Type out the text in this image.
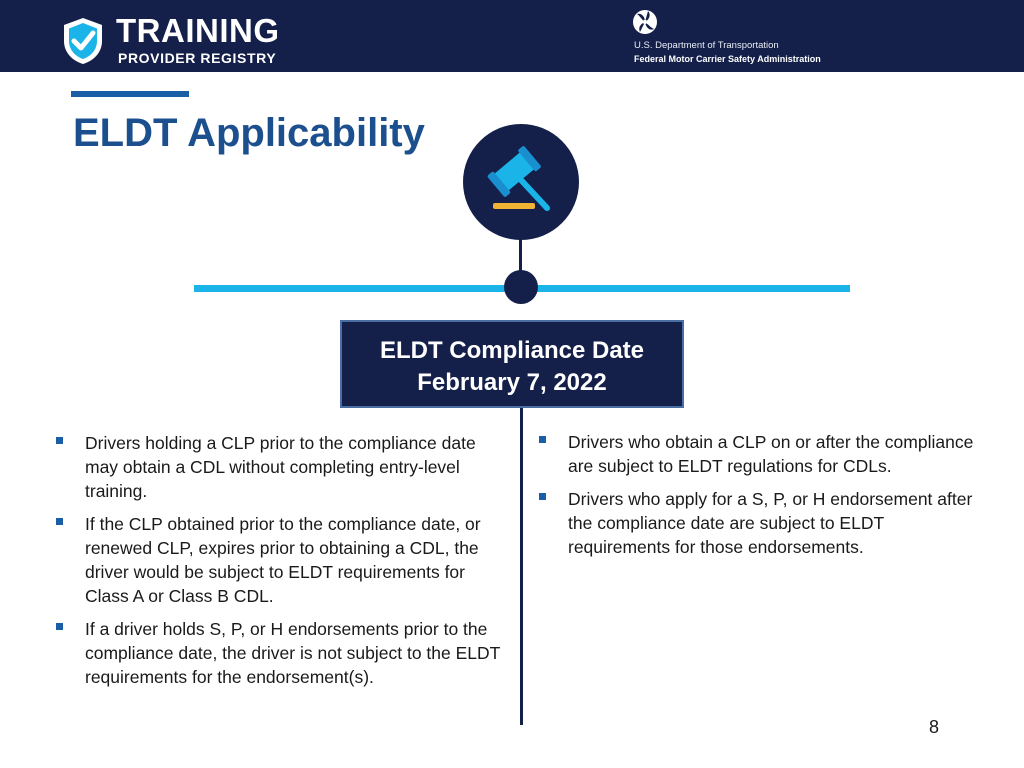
TRAINING

PROVIDER REGISTRY

U.S. Department of Transportation
Federal Motor Carrier Safety Administration
ELDT Applicability
ELDT Compliance Date
February 7, 2022
Drivers holding a CLP prior to the compliance date may obtain a CDL without completing entry-level training.
If the CLP obtained prior to the compliance date, or renewed CLP, expires prior to obtaining a CDL, the driver would be subject to ELDT requirements for Class A or Class B CDL.
If a driver holds S, P, or H endorsements prior to the compliance date, the driver is not subject to the ELDT requirements for the endorsement(s).
Drivers who obtain a CLP on or after the compliance are subject to ELDT regulations for CDLs.
Drivers who apply for a S, P, or H endorsement after the compliance date are subject to ELDT requirements for those endorsements.
8
